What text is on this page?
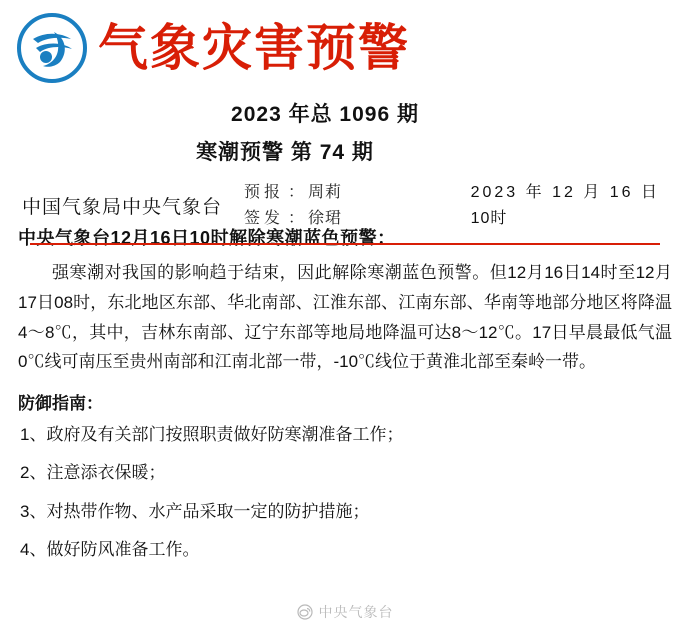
气象灾害预警
2023 年总 1096 期
寒潮预警 第 74 期
中国气象局中央气象台
预报 ： 周莉
签发 ： 徐珺
2023 年 12 月 16 日
10时
中央气象台12月16日10时解除寒潮蓝色预警：

强寒潮对我国的影响趋于结束，因此解除寒潮蓝色预警。但12月16日14时至12月17日08时，东北地区东部、华北南部、江淮东部、江南东部、华南等地部分地区将降温4～8℃，其中，吉林东南部、辽宁东部等地局地降温可达8～12℃。17日早晨最低气温0℃线可南压至贵州南部和江南北部一带，-10℃线位于黄淮北部至秦岭一带。

防御指南：

1、政府及有关部门按照职责做好防寒潮准备工作；

2、注意添衣保暖；

3、对热带作物、水产品采取一定的防护措施；

4、做好防风准备工作。

中央气象台
